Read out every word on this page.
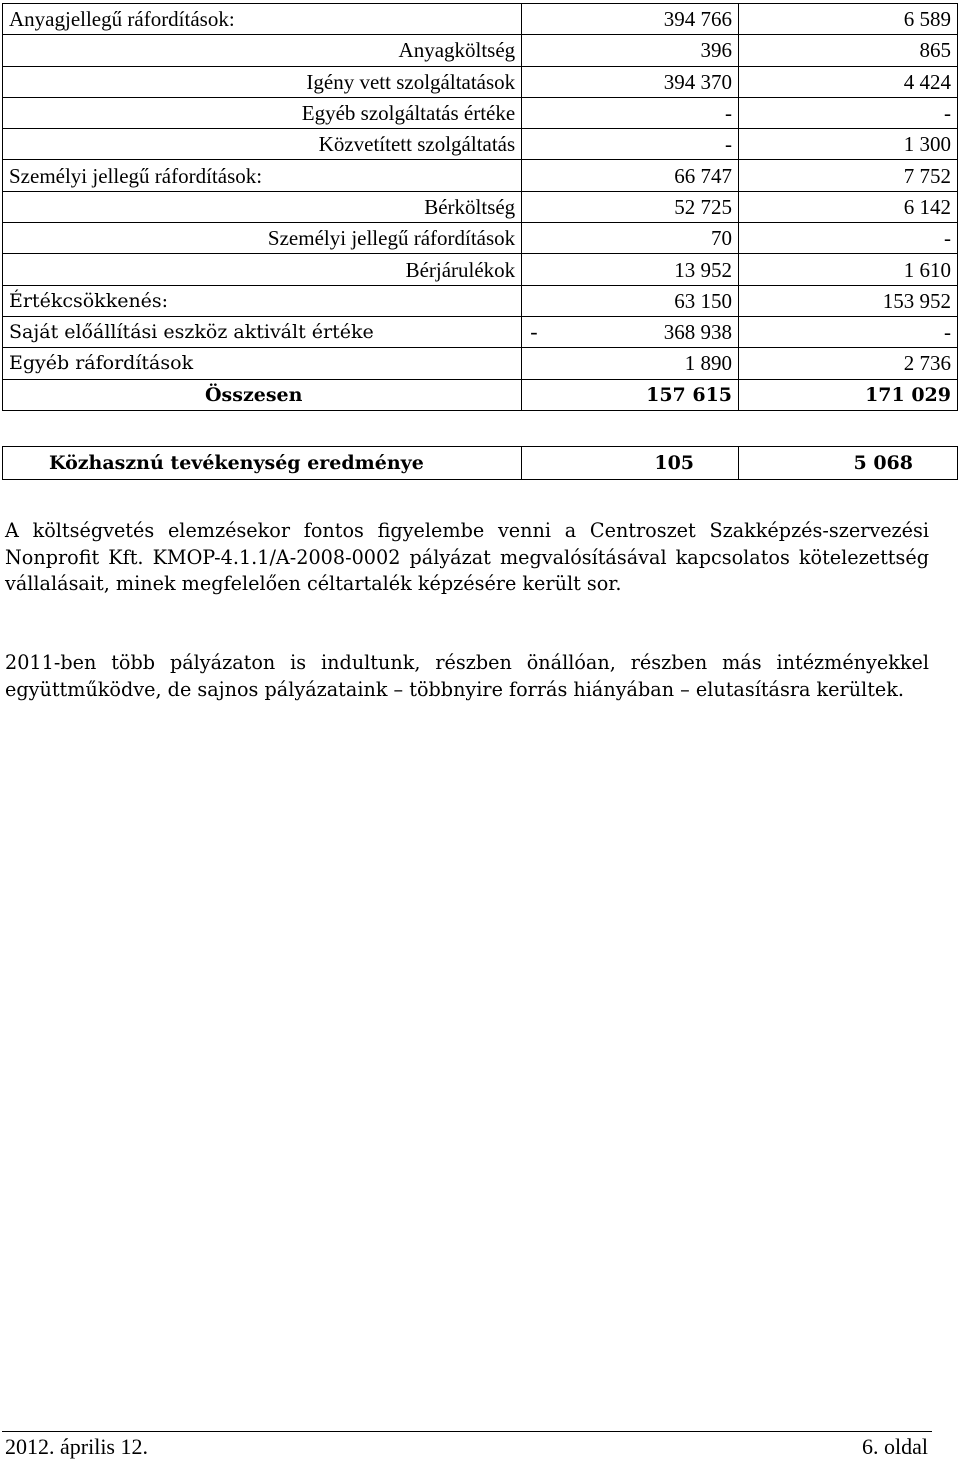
Anyagjellegű ráfordítások:	394 766	6 589
Anyagköltség	396	865
Igény vett szolgáltatások	394 370	4 424
Egyéb szolgáltatás értéke	-	-
Közvetített szolgáltatás	-	1 300
Személyi jellegű ráfordítások:	66 747	7 752
Bérköltség	52 725	6 142
Személyi jellegű ráfordítások	70	-
Bérjárulékok	13 952	1 610
Értékcsökkenés:	63 150	153 952
Saját előállítási eszköz aktivált értéke	- 368 938	-
Egyéb ráfordítások	1 890	2 736
Összesen	157 615	171 029
Közhasznú tevékenység eredménye	105	5 068
A költségvetés elemzésekor fontos figyelembe venni a Centroszet Szakképzés-szervezési Nonprofit Kft. KMOP-4.1.1/A-2008-0002 pályázat megvalósításával kapcsolatos kötelezettség vállalásait, minek megfelelően céltartalék képzésére került sor.
2011-ben több pályázaton is indultunk, részben önállóan, részben más intézményekkel együttműködve, de sajnos pályázataink – többnyire forrás hiányában – elutasításra kerültek.
2012. április 12.	6. oldal
